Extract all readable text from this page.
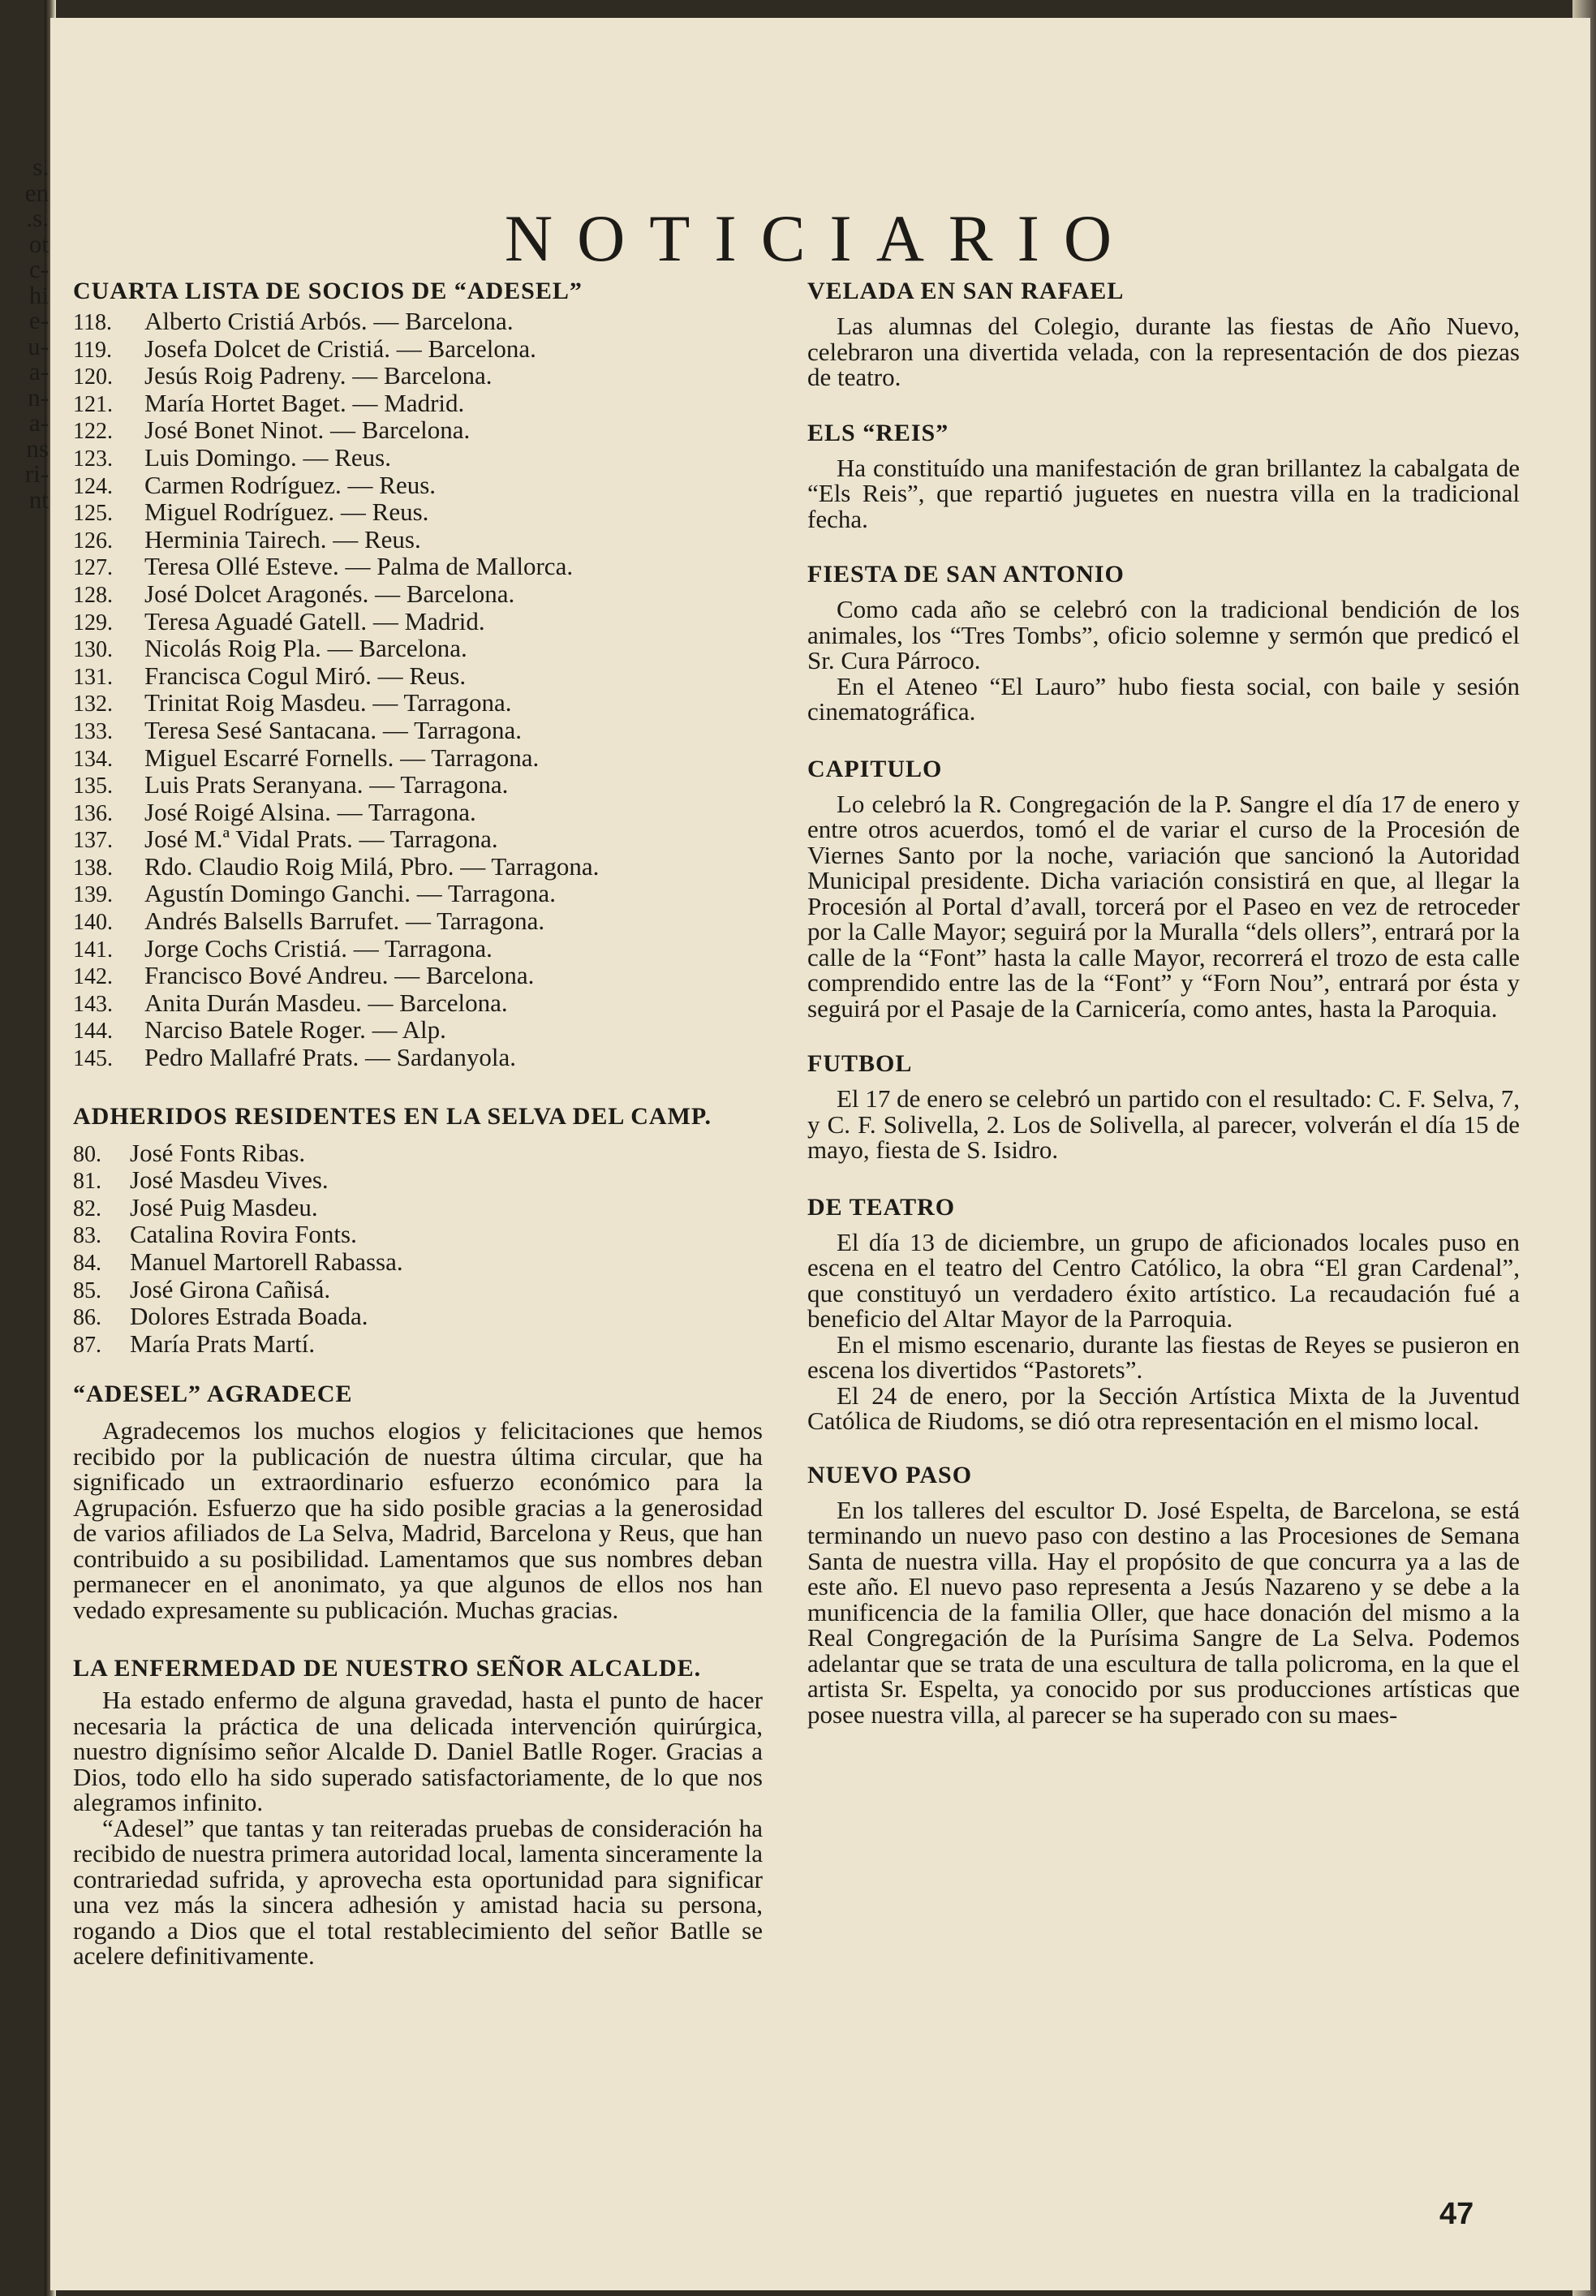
s.
en
.s.
ot
c-
hi
e-
u-
a-
n-
a-
ns
ri-
nt
NOTICIARIO
CUARTA LISTA DE SOCIOS DE “ADESEL”
118. Alberto Cristiá Arbós. — Barcelona.
119. Josefa Dolcet de Cristiá. — Barcelona.
120. Jesús Roig Padreny. — Barcelona.
121. María Hortet Baget. — Madrid.
122. José Bonet Ninot. — Barcelona.
123. Luis Domingo. — Reus.
124. Carmen Rodríguez. — Reus.
125. Miguel Rodríguez. — Reus.
126. Herminia Tairech. — Reus.
127. Teresa Ollé Esteve. — Palma de Mallorca.
128. José Dolcet Aragonés. — Barcelona.
129. Teresa Aguadé Gatell. — Madrid.
130. Nicolás Roig Pla. — Barcelona.
131. Francisca Cogul Miró. — Reus.
132. Trinitat Roig Masdeu. — Tarragona.
133. Teresa Sesé Santacana. — Tarragona.
134. Miguel Escarré Fornells. — Tarragona.
135. Luis Prats Seranyana. — Tarragona.
136. José Roigé Alsina. — Tarragona.
137. José M.ª Vidal Prats. — Tarragona.
138. Rdo. Claudio Roig Milá, Pbro. — Tarragona.
139. Agustín Domingo Ganchi. — Tarragona.
140. Andrés Balsells Barrufet. — Tarragona.
141. Jorge Cochs Cristiá. — Tarragona.
142. Francisco Bové Andreu. — Barcelona.
143. Anita Durán Masdeu. — Barcelona.
144. Narciso Batele Roger. — Alp.
145. Pedro Mallafré Prats. — Sardanyola.
ADHERIDOS RESIDENTES EN LA SELVA DEL CAMP.
80. José Fonts Ribas.
81. José Masdeu Vives.
82. José Puig Masdeu.
83. Catalina Rovira Fonts.
84. Manuel Martorell Rabassa.
85. José Girona Cañisá.
86. Dolores Estrada Boada.
87. María Prats Martí.
“ADESEL” AGRADECE

Agradecemos los muchos elogios y felicitaciones que hemos recibido por la publicación de nuestra última circular, que ha significado un extraordinario esfuerzo económico para la Agrupación. Esfuerzo que ha sido posible gracias a la generosidad de varios afiliados de La Selva, Madrid, Barcelona y Reus, que han contribuido a su posibilidad. Lamentamos que sus nombres deban permanecer en el anonimato, ya que algunos de ellos nos han vedado expresamente su publicación. Muchas gracias.

LA ENFERMEDAD DE NUESTRO SEÑOR ALCALDE.

Ha estado enfermo de alguna gravedad, hasta el punto de hacer necesaria la práctica de una delicada intervención quirúrgica, nuestro dignísimo señor Alcalde D. Daniel Batlle Roger. Gracias a Dios, todo ello ha sido superado satisfactoriamente, de lo que nos alegramos infinito.

“Adesel” que tantas y tan reiteradas pruebas de consideración ha recibido de nuestra primera autoridad local, lamenta sinceramente la contrariedad sufrida, y aprovecha esta oportunidad para significar una vez más la sincera adhesión y amistad hacia su persona, rogando a Dios que el total restablecimiento del señor Batlle se acelere definitivamente.

VELADA EN SAN RAFAEL

Las alumnas del Colegio, durante las fiestas de Año Nuevo, celebraron una divertida velada, con la representación de dos piezas de teatro.

ELS “REIS”

Ha constituído una manifestación de gran brillantez la cabalgata de “Els Reis”, que repartió juguetes en nuestra villa en la tradicional fecha.

FIESTA DE SAN ANTONIO

Como cada año se celebró con la tradicional bendición de los animales, los “Tres Tombs”, oficio solemne y sermón que predicó el Sr. Cura Párroco.

En el Ateneo “El Lauro” hubo fiesta social, con baile y sesión cinematográfica.

CAPITULO

Lo celebró la R. Congregación de la P. Sangre el día 17 de enero y entre otros acuerdos, tomó el de variar el curso de la Procesión de Viernes Santo por la noche, variación que sancionó la Autoridad Municipal presidente. Dicha variación consistirá en que, al llegar la Procesión al Portal d’avall, torcerá por el Paseo en vez de retroceder por la Calle Mayor; seguirá por la Muralla “dels ollers”, entrará por la calle de la “Font” hasta la calle Mayor, recorrerá el trozo de esta calle comprendido entre las de la “Font” y “Forn Nou”, entrará por ésta y seguirá por el Pasaje de la Carnicería, como antes, hasta la Paroquia.

FUTBOL

El 17 de enero se celebró un partido con el resultado: C. F. Selva, 7, y C. F. Solivella, 2. Los de Solivella, al parecer, volverán el día 15 de mayo, fiesta de S. Isidro.

DE TEATRO

El día 13 de diciembre, un grupo de aficionados locales puso en escena en el teatro del Centro Católico, la obra “El gran Cardenal”, que constituyó un verdadero éxito artístico. La recaudación fué a beneficio del Altar Mayor de la Parroquia.

En el mismo escenario, durante las fiestas de Reyes se pusieron en escena los divertidos “Pastorets”.

El 24 de enero, por la Sección Artística Mixta de la Juventud Católica de Riudoms, se dió otra representación en el mismo local.

NUEVO PASO

En los talleres del escultor D. José Espelta, de Barcelona, se está terminando un nuevo paso con destino a las Procesiones de Semana Santa de nuestra villa. Hay el propósito de que concurra ya a las de este año. El nuevo paso representa a Jesús Nazareno y se debe a la munificencia de la familia Oller, que hace donación del mismo a la Real Congregación de la Purísima Sangre de La Selva. Podemos adelantar que se trata de una escultura de talla policroma, en la que el artista Sr. Espelta, ya conocido por sus producciones artísticas que posee nuestra villa, al parecer se ha superado con su maes-

47
